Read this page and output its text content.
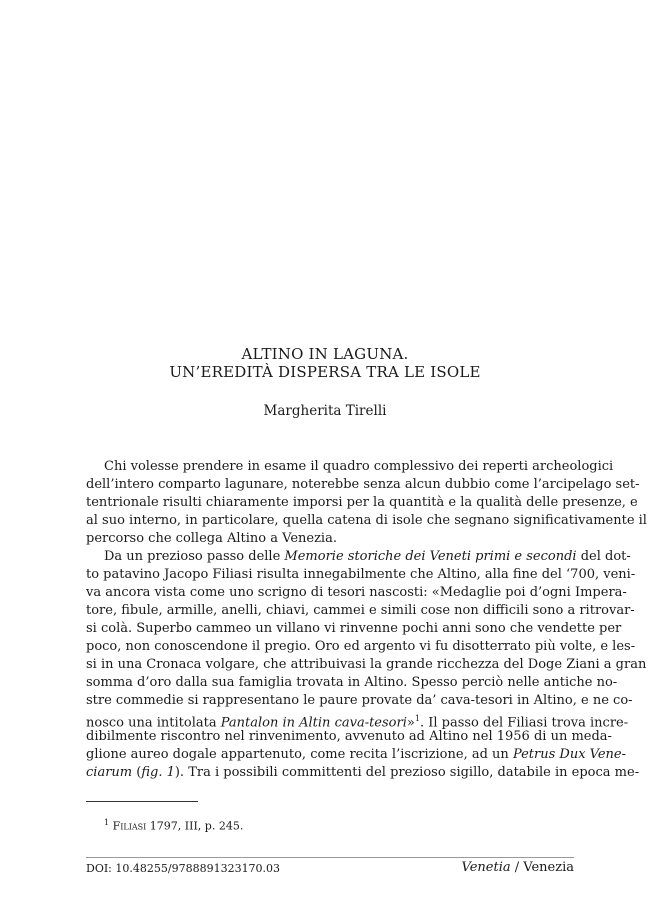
ALTINO IN LAGUNA.
UN’EREDITÀ DISPERSA TRA LE ISOLE
Margherita Tirelli
Chi volesse prendere in esame il quadro complessivo dei reperti archeologici
dell’intero comparto lagunare, noterebbe senza alcun dubbio come l’arcipelago set-
tentrionale risulti chiaramente imporsi per la quantità e la qualità delle presenze, e
al suo interno, in particolare, quella catena di isole che segnano significativamente il
percorso che collega Altino a Venezia.
Da un prezioso passo delle Memorie storiche dei Veneti primi e secondi del dot-
to patavino Jacopo Filiasi risulta innegabilmente che Altino, alla fine del ‘700, veni-
va ancora vista come uno scrigno di tesori nascosti: «Medaglie poi d’ogni Impera-
tore, fibule, armille, anelli, chiavi, cammei e simili cose non difficili sono a ritrovar-
si colà. Superbo cammeo un villano vi rinvenne pochi anni sono che vendette per
poco, non conoscendone il pregio. Oro ed argento vi fu disotterrato più volte, e les-
si in una Cronaca volgare, che attribuivasi la grande ricchezza del Doge Ziani a gran
somma d’oro dalla sua famiglia trovata in Altino. Spesso perciò nelle antiche no-
stre commedie si rappresentano le paure provate da’ cava-tesori in Altino, e ne co-
nosco una intitolata Pantalon in Altin cava-tesori»$^1$. Il passo del Filiasi trova incre-
dibilmente riscontro nel rinvenimento, avvenuto ad Altino nel 1956 di un meda-
glione aureo dogale appartenuto, come recita l’iscrizione, ad un Petrus Dux Vene-
ciarum (fig. 1). Tra i possibili committenti del prezioso sigillo, databile in epoca me-
$^1$ Filiasi 1797, III, p. 245.
DOI: 10.48255/9788891323170.03	Venetia / Venezia
